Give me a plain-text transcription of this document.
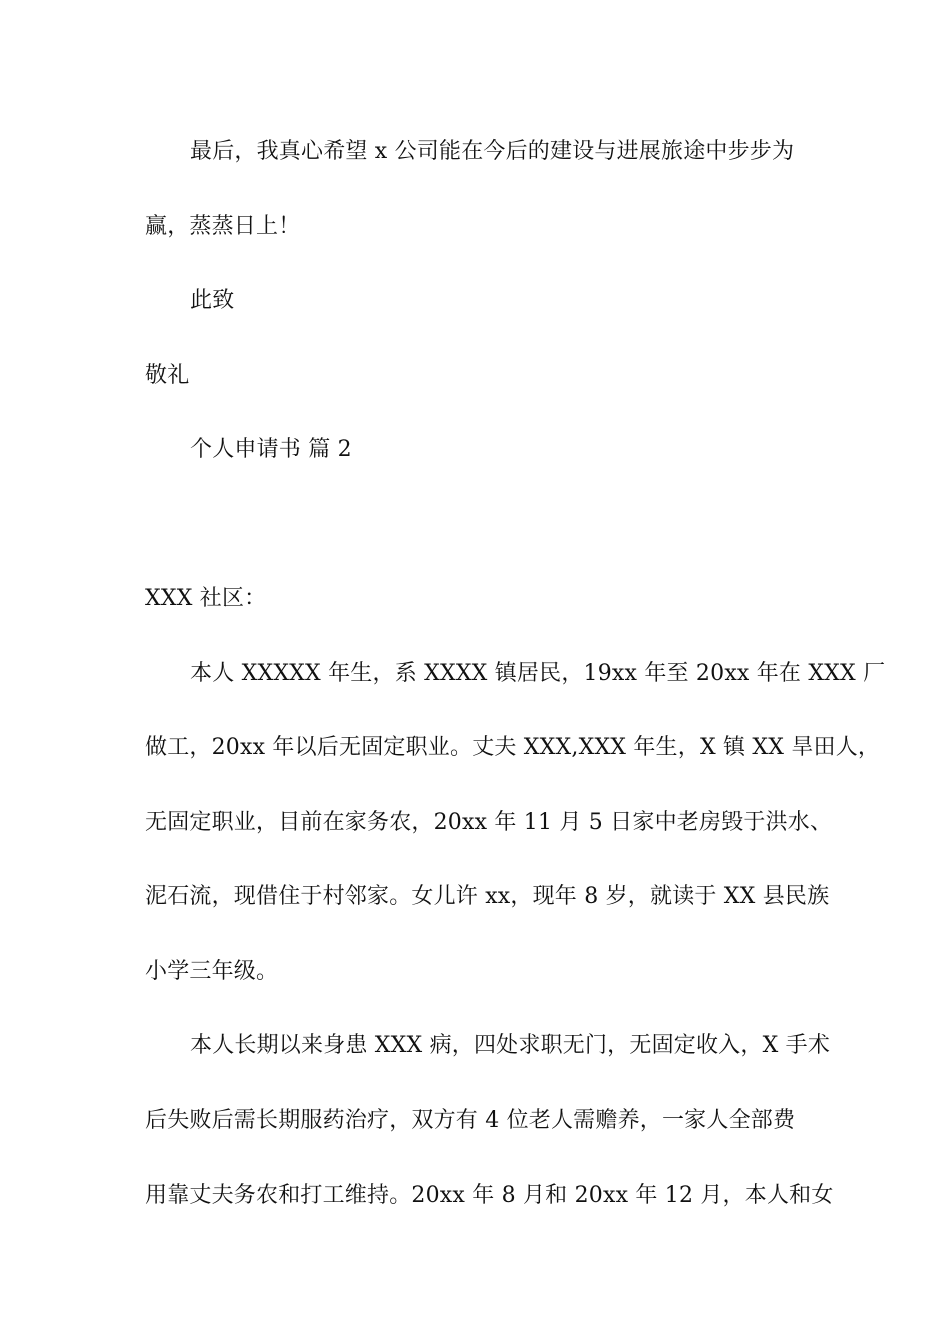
最后，我真心希望 x 公司能在今后的建设与进展旅途中步步为
赢，蒸蒸日上！
此致
敬礼
个人申请书 篇 2
XXX 社区：
本人 XXXXX 年生，系 XXXX 镇居民，19xx 年至 20xx 年在 XXX 厂
做工，20xx 年以后无固定职业。丈夫 XXX,XXX 年生，X 镇 XX 旱田人，
无固定职业，目前在家务农，20xx 年 11 月 5 日家中老房毁于洪水、
泥石流，现借住于村邻家。女儿许 xx，现年 8 岁，就读于 XX 县民族
小学三年级。
本人长期以来身患 XXX 病，四处求职无门，无固定收入，X 手术
后失败后需长期服药治疗，双方有 4 位老人需赡养，一家人全部费
用靠丈夫务农和打工维持。20xx 年 8 月和 20xx 年 12 月，本人和女
